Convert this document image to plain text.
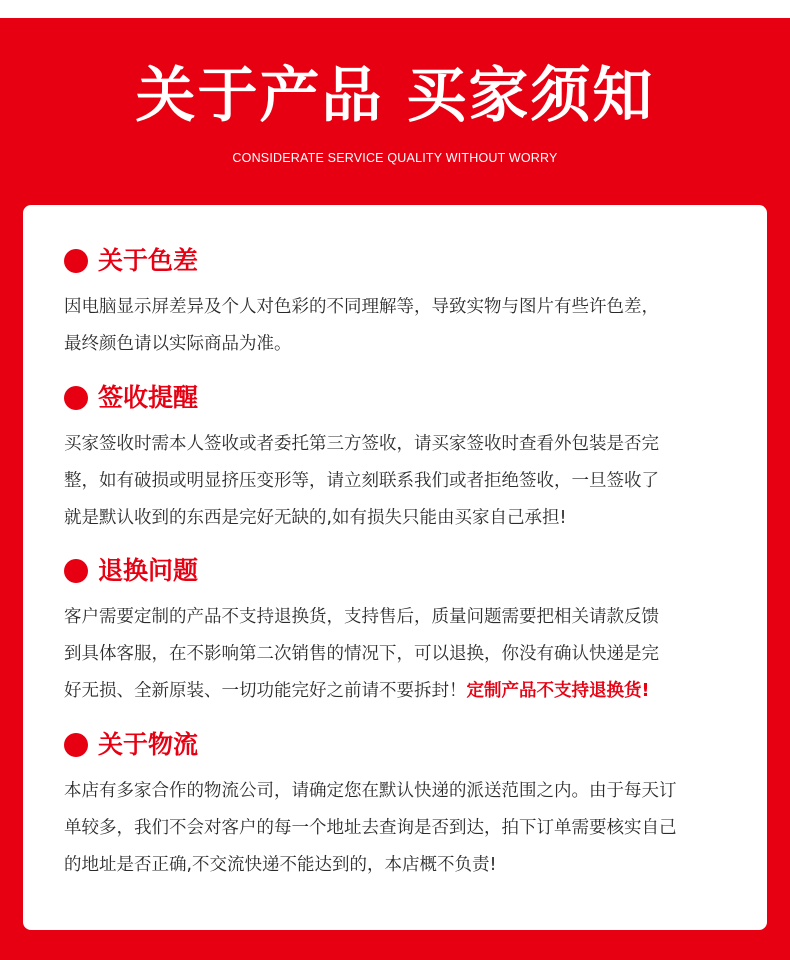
关于产品 买家须知
CONSIDERATE SERVICE QUALITY WITHOUT WORRY
关于色差
因电脑显示屏差异及个人对色彩的不同理解等，导致实物与图片有些许色差，
最终颜色请以实际商品为准。
签收提醒
买家签收时需本人签收或者委托第三方签收，请买家签收时查看外包装是否完
整，如有破损或明显挤压变形等，请立刻联系我们或者拒绝签收，一旦签收了
就是默认收到的东西是完好无缺的,如有损失只能由买家自己承担!
退换问题
客户需要定制的产品不支持退换货，支持售后，质量问题需要把相关请款反馈
到具体客服，在不影响第二次销售的情况下，可以退换，你没有确认快递是完
好无损、全新原装、一切功能完好之前请不要拆封！定制产品不支持退换货!
关于物流
本店有多家合作的物流公司，请确定您在默认快递的派送范围之内。由于每天订
单较多，我们不会对客户的每一个地址去查询是否到达，拍下订单需要核实自己
的地址是否正确,不交流快递不能达到的，本店概不负责!
